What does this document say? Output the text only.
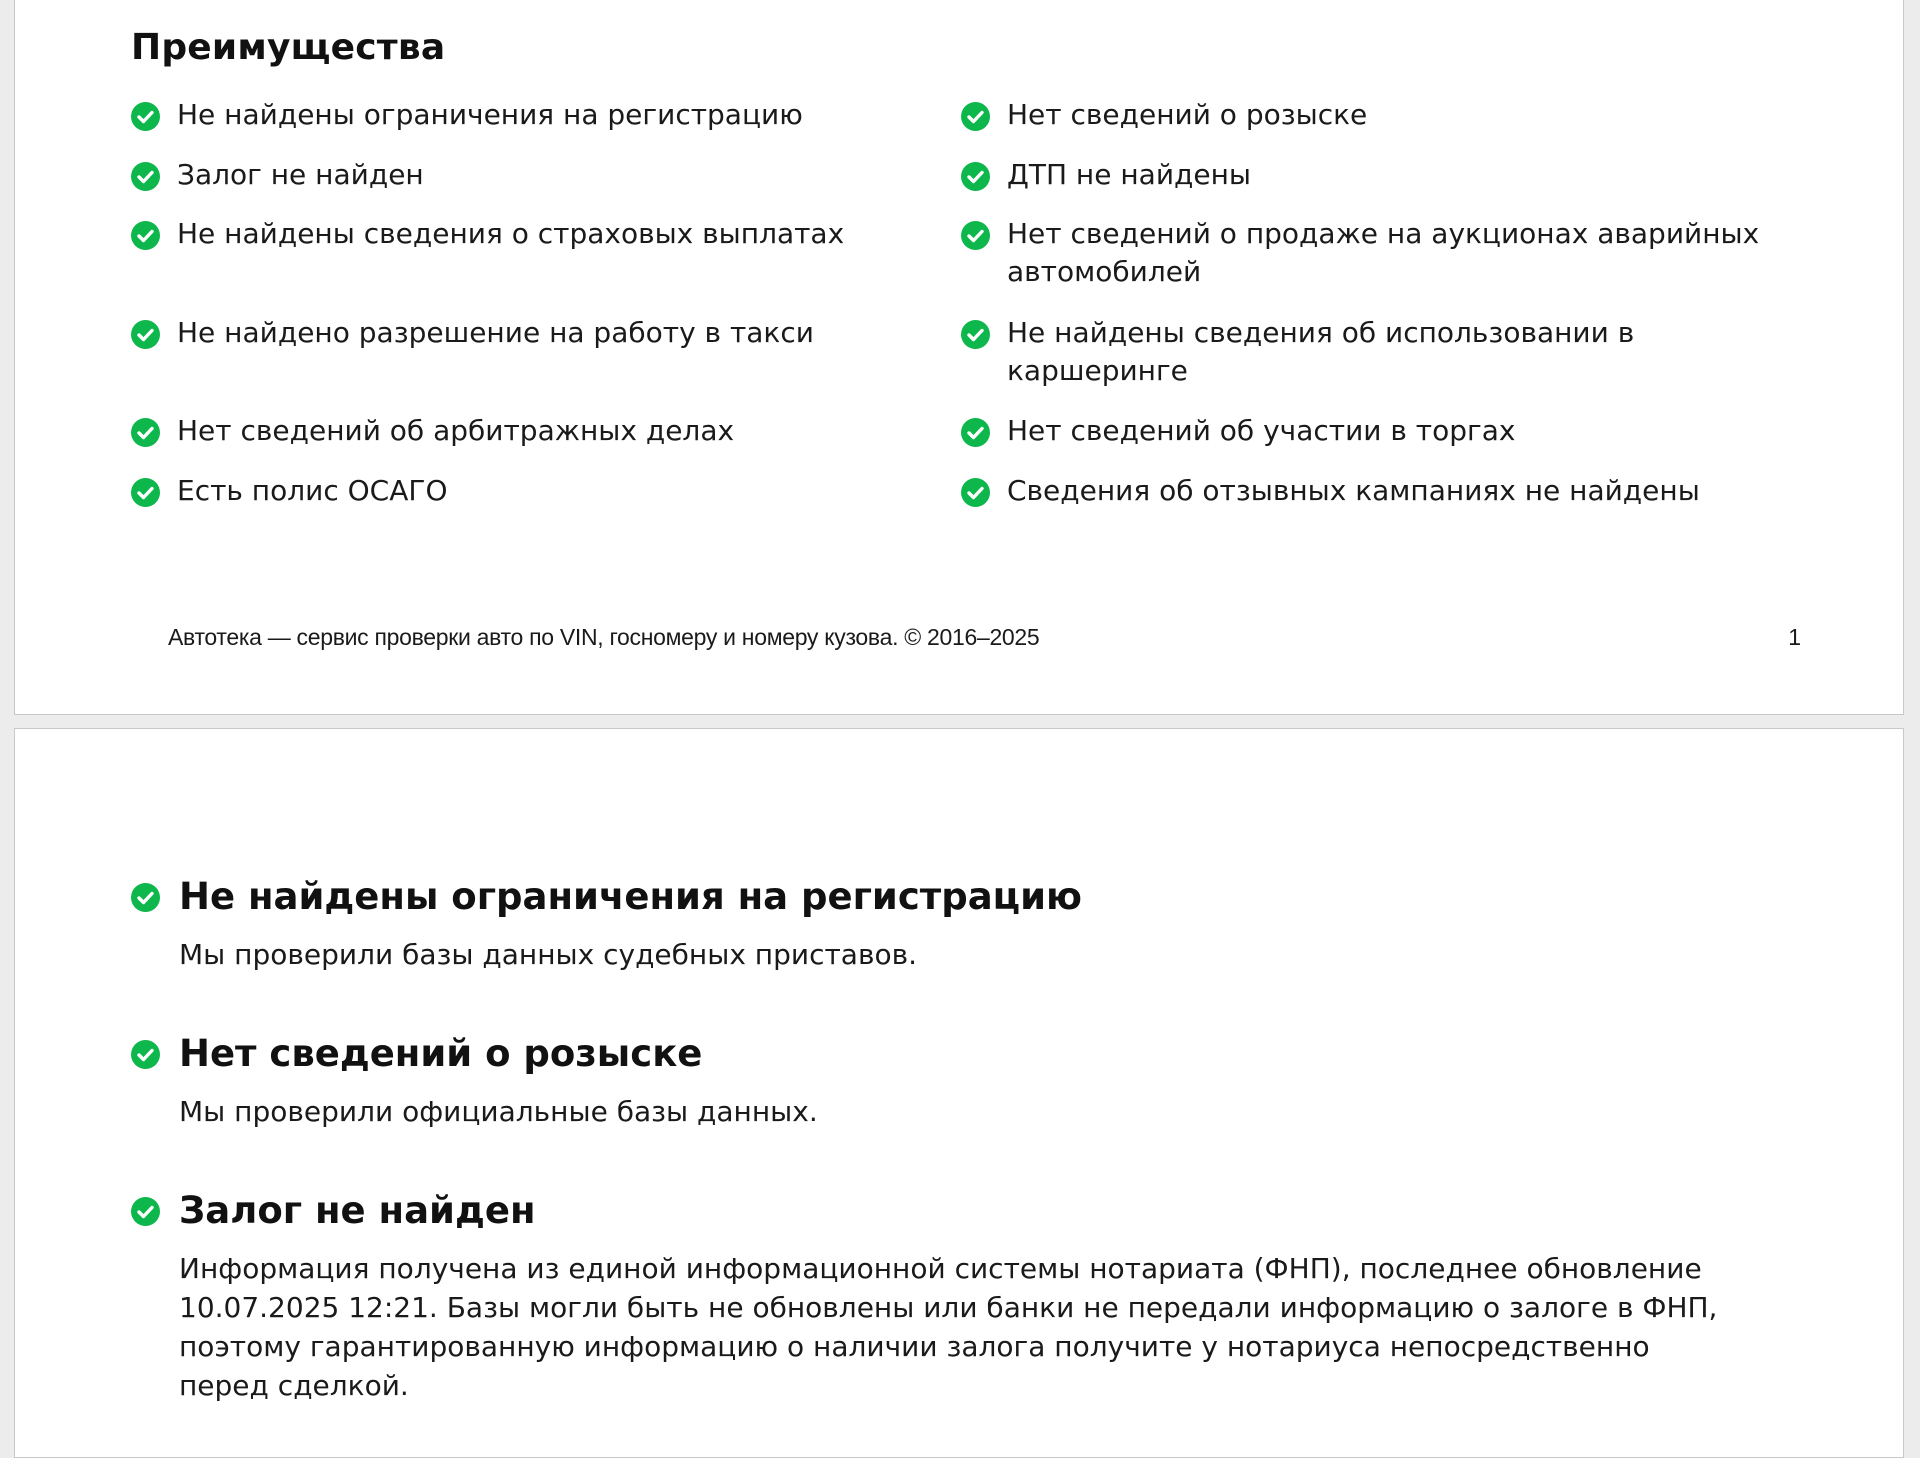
Преимущества
Не найдены ограничения на регистрацию
Залог не найден
Не найдены сведения о страховых выплатах
Не найдено разрешение на работу в такси
Нет сведений об арбитражных делах
Есть полис ОСАГО
Нет сведений о розыске
ДТП не найдены
Нет сведений о продаже на аукционах аварийных автомобилей
Не найдены сведения об использовании в каршеринге
Нет сведений об участии в торгах
Сведения об отзывных кампаниях не найдены
Автотека — сервис проверки авто по VIN, госномеру и номеру кузова. © 2016–2025	1
Не найдены ограничения на регистрацию

Мы проверили базы данных судебных приставов.

Нет сведений о розыске

Мы проверили официальные базы данных.

Залог не найден

Информация получена из единой информационной системы нотариата (ФНП), последнее обновление 10.07.2025 12:21. Базы могли быть не обновлены или банки не передали информацию о залоге в ФНП, поэтому гарантированную информацию о наличии залога получите у нотариуса непосредственно перед сделкой.
